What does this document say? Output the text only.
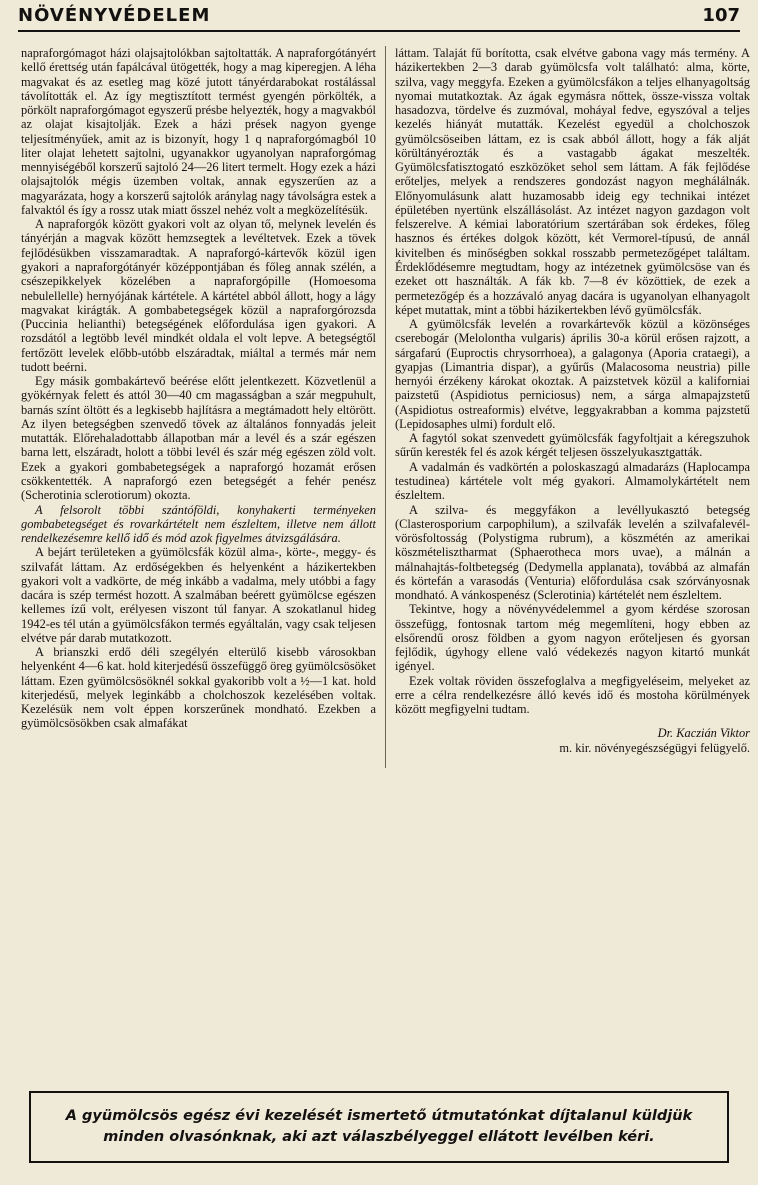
NÖVÉNYVÉDELEM	107

napraforgómagot házi olajsajtolókban sajtoltatták. A napraforgótányért kellő érettség után fapálcával ütögették, hogy a mag kiperegjen. A léha magvakat és az esetleg mag közé jutott tányérdarabokat rostálással távolították el. Az így megtisztított termést gyengén pörkölték, a pörkölt napraforgómagot egyszerű présbe helyezték, hogy a magvakból az olajat kisajtolják. Ezek a házi prések nagyon gyenge teljesítményűek, amit az is bizonyít, hogy 1 q napraforgómagból 10 liter olajat lehetett sajtolni, ugyanakkor ugyanolyan napraforgómag mennyiségéből korszerű sajtoló 24—26 litert termelt. Hogy ezek a házi olajsajtolók mégis üzemben voltak, annak egyszerűen az a magyarázata, hogy a korszerű sajtolók aránylag nagy távolságra estek a falvaktól és így a rossz utak miatt ősszel nehéz volt a megközelítésük.

A napraforgók között gyakori volt az olyan tő, melynek levelén és tányérján a magvak között hemzsegtek a levéltetvek. Ezek a tövek fejlődésükben visszamaradtak. A napraforgó-kártevők közül igen gyakori a napraforgótányér középpontjában és főleg annak szélén, a csészepikkelyek közelében a napraforgópille (Homoesoma nebulellelle) hernyójának kártétele. A kártétel abból állott, hogy a lágy magvakat kirágták. A gombabetegségek közül a napraforgórozsda (Puccinia helianthi) betegségének előfordulása igen gyakori. A rozsdától a legtöbb levél mindkét oldala el volt lepve. A betegségtől fertőzött levelek előbb-utóbb elszáradtak, miáltal a termés már nem tudott beérni.

Egy másik gombakártevő beérése előtt jelentkezett. Közvetlenül a gyökérnyak felett és attól 30—40 cm magasságban a szár megpuhult, barnás színt öltött és a legkisebb hajlításra a megtámadott hely eltörött. Az ilyen betegségben szenvedő tövek az általános fonnyadás jeleit mutatták. Előrehaladottabb állapotban már a levél és a szár egészen barna lett, elszáradt, holott a többi levél és szár még egészen zöld volt. Ezek a gyakori gombabetegségek a napraforgó hozamát erősen csökkentették. A napraforgó ezen betegségét a fehér penész (Scherotinia sclerotiorum) okozta.

A felsorolt többi szántóföldi, konyhakerti terményeken gombabetegséget és rovarkártételt nem észleltem, illetve nem állott rendelkezésemre kellő idő és mód azok figyelmes átvizsgálására.

A bejárt területeken a gyümölcsfák közül alma-, körte-, meggy- és szilvafát láttam. Az erdőségekben és helyenként a házikertekben gyakori volt a vadkörte, de még inkább a vadalma, mely utóbbi a fagy dacára is szép termést hozott. A szalmában beérett gyümölcse egészen kellemes ízű volt, erélyesen viszont túl fanyar. A szokatlanul hideg 1942-es tél után a gyümölcsfákon termés egyáltalán, vagy csak teljesen elvétve pár darab mutatkozott.

A brianszki erdő déli szegélyén elterülő kisebb városokban helyenként 4—6 kat. hold kiterjedésű összefüggő öreg gyümölcsösöket láttam. Ezen gyümölcsösöknél sokkal gyakoribb volt a ½—1 kat. hold kiterjedésű, melyek leginkább a cholchoszok kezelésében voltak. Kezelésük nem volt éppen korszerűnek mondható. Ezekben a gyümölcsösökben csak almafákat

láttam. Talaját fű borította, csak elvétve gabona vagy más termény. A házikertekben 2—3 darab gyümölcsfa volt található: alma, körte, szilva, vagy meggyfa. Ezeken a gyümölcsfákon a teljes elhanyagoltság nyomai mutatkoztak. Az ágak egymásra nőttek, össze-vissza voltak hasadozva, tördelve és zuzmóval, moháyal fedve, egyszóval a teljes kezelés hiányát mutatták. Kezelést egyedül a cholchoszok gyümölcsöseiben láttam, ez is csak abból állott, hogy a fák alját körültányérozták és a vastagabb ágakat meszelték. Gyümölcsfatisztogató eszközöket sehol sem láttam. A fák fejlődése erőteljes, melyek a rendszeres gondozást nagyon meghálálnák. Előnyomulásunk alatt huzamosabb ideig egy technikai intézet épületében nyertünk elszállásolást. Az intézet nagyon gazdagon volt felszerelve. A kémiai laboratórium szertárában sok érdekes, főleg hasznos és értékes dolgok között, két Vermorel-típusú, de annál kivitelben és minőségben sokkal rosszabb permetezőgépet találtam. Érdeklődésemre megtudtam, hogy az intézetnek gyümölcsöse van és ezeket ott használták. A fák kb. 7—8 év közöttiek, de ezek a permetezőgép és a hozzávaló anyag dacára is ugyanolyan elhanyagolt képet mutattak, mint a többi házikertekben lévő gyümölcsfák.

A gyümölcsfák levelén a rovarkártevők közül a közönséges cserebogár (Melolontha vulgaris) április 30-a körül erősen rajzott, a sárgafarú (Euproctis chrysorrhoea), a galagonya (Aporia crataegi), a gyapjas (Limantria dispar), a gyűrűs (Malacosoma neustria) pille hernyói érzékeny károkat okoztak. A paizstetvek közül a kaliforniai paizstetű (Aspidiotus perniciosus) nem, a sárga almapajzstetű (Aspidiotus ostreaformis) elvétve, leggyakrabban a komma pajzstetű (Lepidosaphes ulmi) fordult elő.

A fagytól sokat szenvedett gyümölcsfák fagyfoltjait a kéregszuhok sűrűn keresték fel és azok kérgét teljesen összelyukasztgatták.

A vadalmán és vadkörtén a poloskaszagú almadarázs (Haplocampa testudinea) kártétele volt még gyakori. Almamolykártételt nem észleltem.

A szilva- és meggyfákon a levéllyukasztó betegség (Clasterosporium carpophilum), a szilvafák levelén a szilvafalevél-vörösfoltosság (Polystigma rubrum), a köszmétén az amerikai köszmételisztharmat (Sphaerotheca mors uvae), a málnán a málnahajtás-foltbetegség (Dedymella applanata), továbbá az almafán és körtefán a varasodás (Venturia) előfordulása csak szórványosnak mondható. A vánkospenész (Sclerotinia) kártételét nem észleltem.

Tekintve, hogy a növényvédelemmel a gyom kérdése szorosan összefügg, fontosnak tartom még megemlíteni, hogy ebben az elsőrendű orosz földben a gyom nagyon erőteljesen és gyorsan fejlődik, úgyhogy ellene való védekezés nagyon kitartó munkát igényel.

Ezek voltak röviden összefoglalva a megfigyeléseim, melyeket az erre a célra rendelkezésre álló kevés idő és mostoha körülmények között megfigyelni tudtam.

Dr. Kaczián Viktor

m. kir. növényegészségügyi felügyelő.

A gyümölcsös egész évi kezelését ismertető útmutatónkat díjtalanul küldjük minden olvasónknak, aki azt válaszbélyeggel ellátott levélben kéri.
